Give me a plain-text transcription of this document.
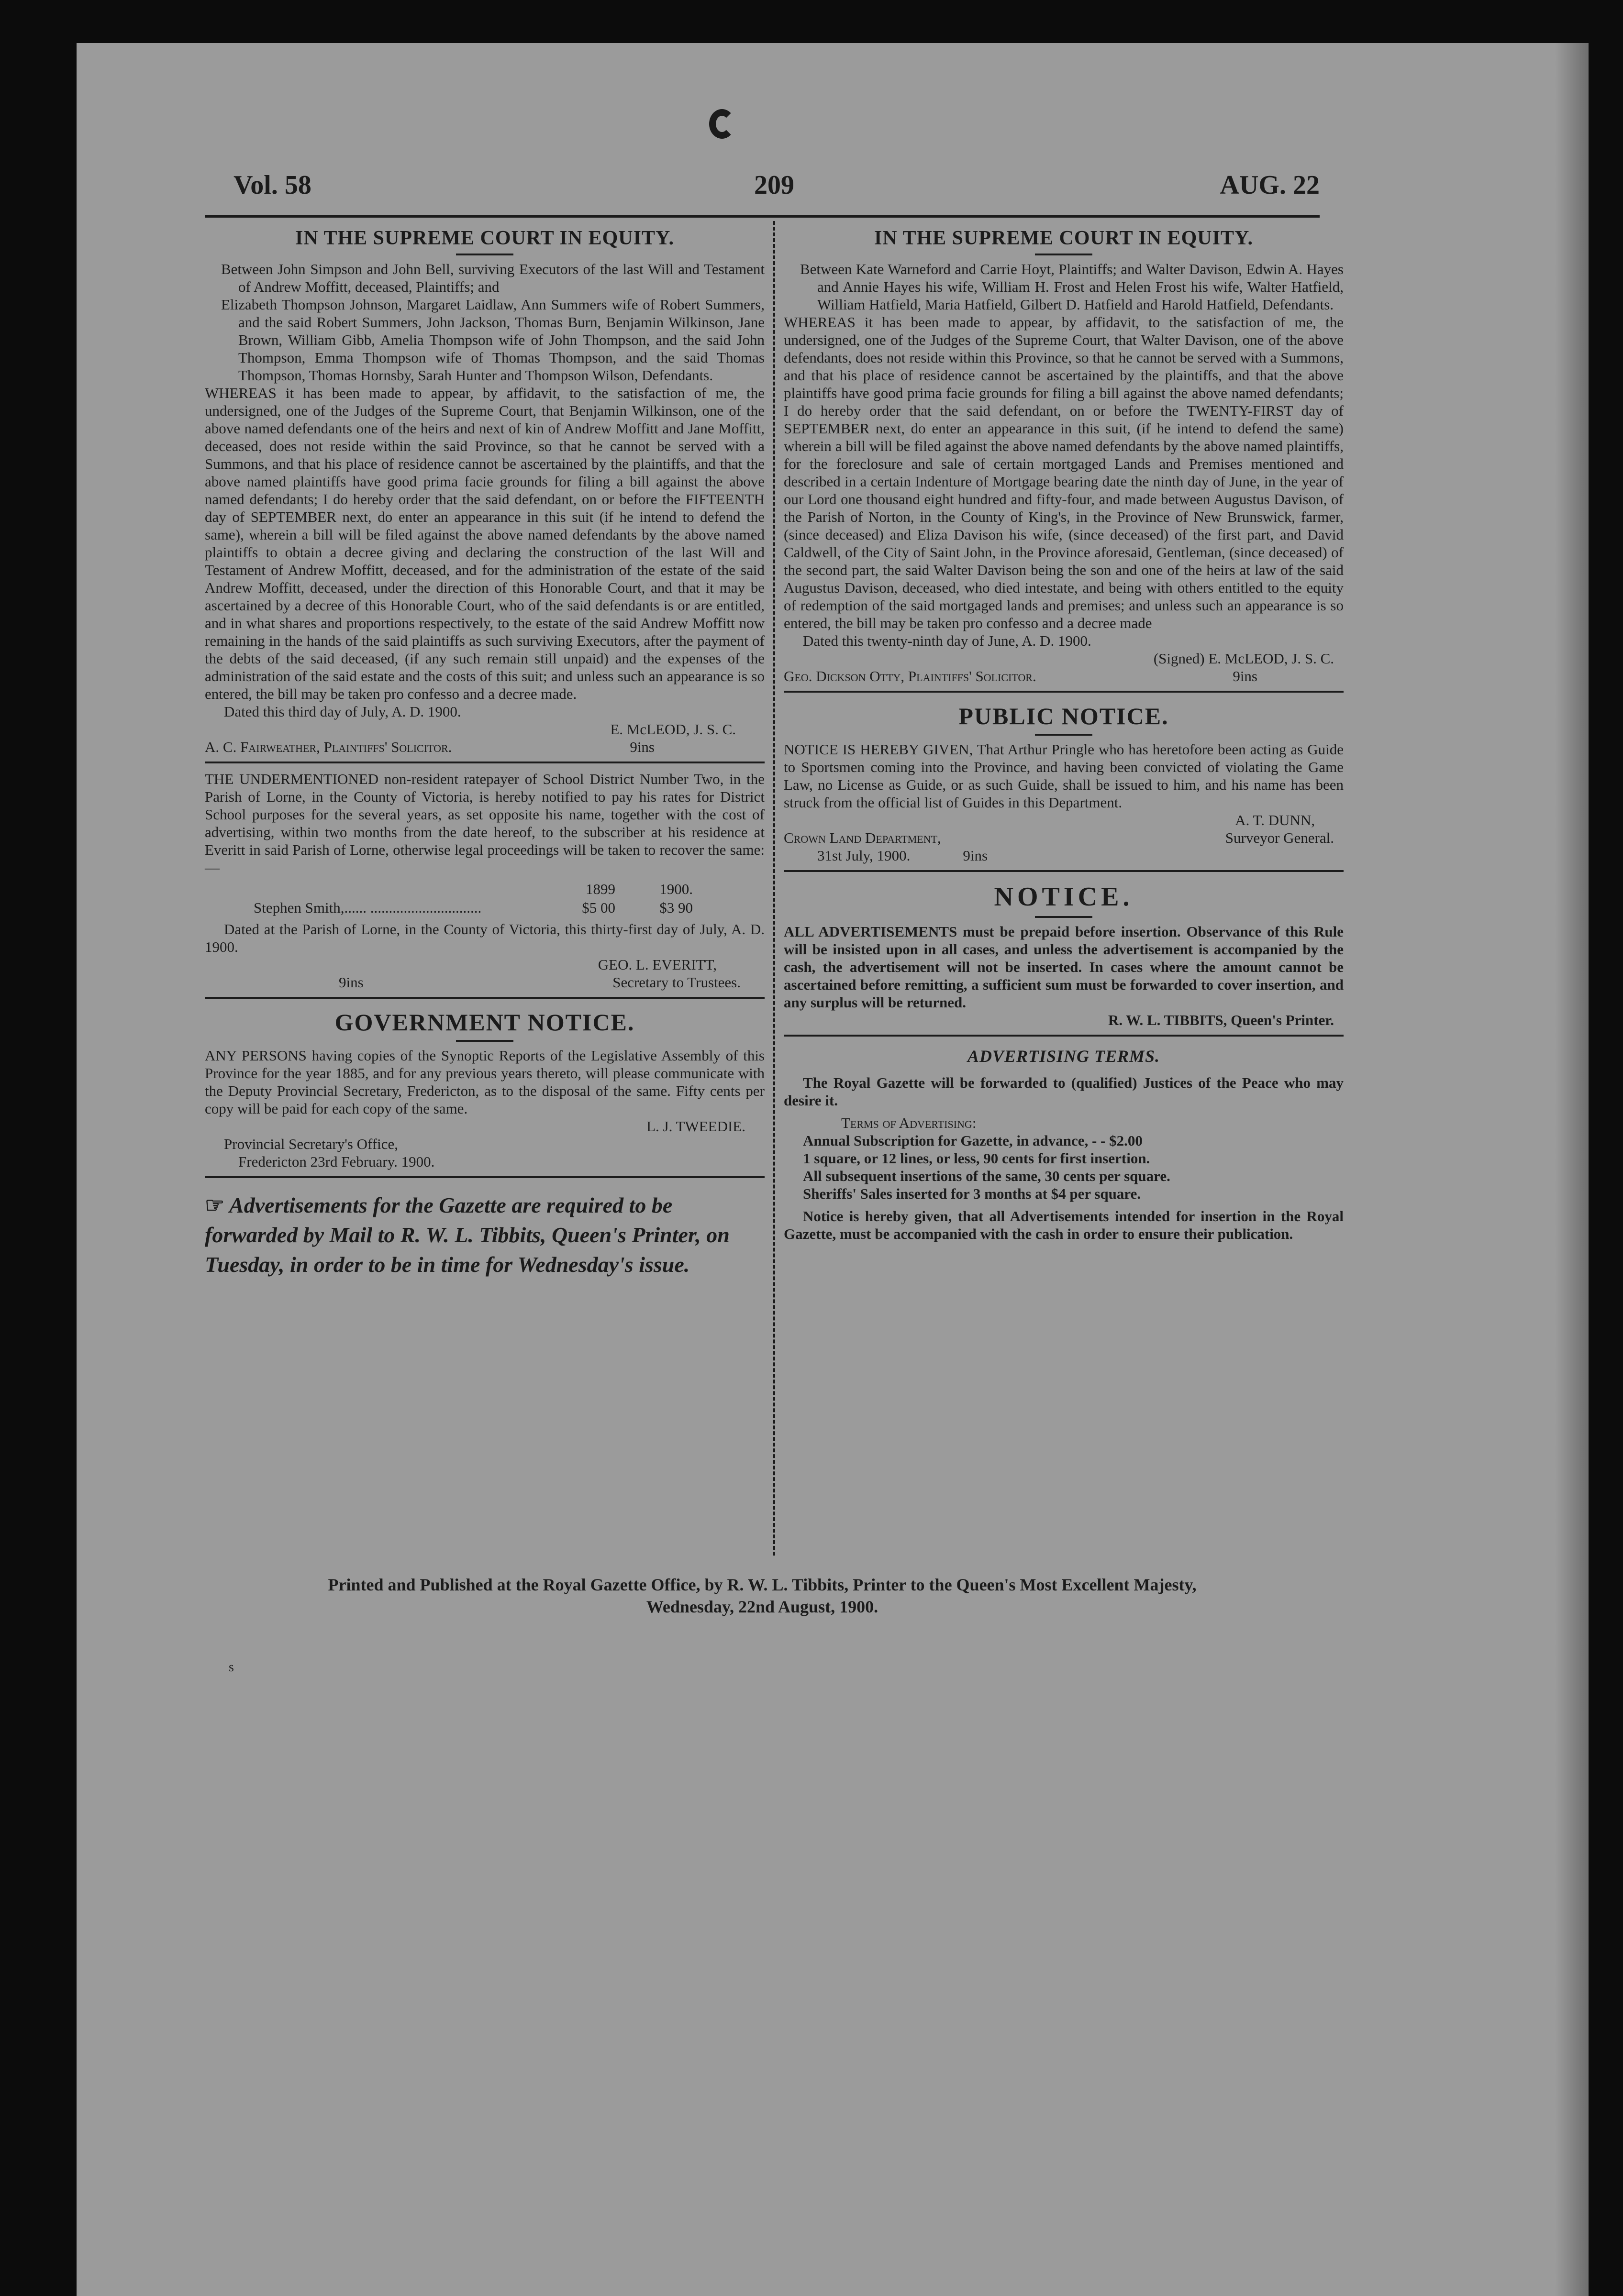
Vol. 58	209	AUG. 22
IN THE SUPREME COURT IN EQUITY.
Between John Simpson and John Bell, surviving Executors of the last Will and Testament of Andrew Moffitt, deceased, Plaintiffs; and
Elizabeth Thompson Johnson, Margaret Laidlaw, Ann Summers wife of Robert Summers, and the said Robert Summers, John Jackson, Thomas Burn, Benjamin Wilkinson, Jane Brown, William Gibb, Amelia Thompson wife of John Thompson, and the said John Thompson, Emma Thompson wife of Thomas Thompson, and the said Thomas Thompson, Thomas Hornsby, Sarah Hunter and Thompson Wilson, Defendants.
WHEREAS it has been made to appear, by affidavit, to the satisfaction of me, the undersigned, one of the Judges of the Supreme Court, that Benjamin Wilkinson, one of the above named defendants one of the heirs and next of kin of Andrew Moffitt and Jane Moffitt, deceased, does not reside within the said Province, so that he cannot be served with a Summons, and that his place of residence cannot be ascertained by the plaintiffs, and that the above named plaintiffs have good prima facie grounds for filing a bill against the above named defendants; I do hereby order that the said defendant, on or before the FIFTEENTH day of SEPTEMBER next, do enter an appearance in this suit (if he intend to defend the same), wherein a bill will be filed against the above named defendants by the above named plaintiffs to obtain a decree giving and declaring the construction of the last Will and Testament of Andrew Moffitt, deceased, and for the administration of the estate of the said Andrew Moffitt, deceased, under the direction of this Honorable Court, and that it may be ascertained by a decree of this Honorable Court, who of the said defendants is or are entitled, and in what shares and proportions respectively, to the estate of the said Andrew Moffitt now remaining in the hands of the said plaintiffs as such surviving Executors, after the payment of the debts of the said deceased, (if any such remain still unpaid) and the expenses of the administration of the said estate and the costs of this suit; and unless such an appearance is so entered, the bill may be taken pro confesso and a decree made.
Dated this third day of July, A. D. 1900.
E. McLEOD, J. S. C.
A. C. Fairweather, Plaintiffs' Solicitor.	9ins
THE UNDERMENTIONED non-resident ratepayer of School District Number Two, in the Parish of Lorne, in the County of Victoria, is hereby notified to pay his rates for District School purposes for the several years, as set opposite his name, together with the cost of advertising, within two months from the date hereof, to the subscriber at his residence at Everitt in said Parish of Lorne, otherwise legal proceedings will be taken to recover the same:—
	1899	1900.	
Stephen Smith,...... ..............................	$5 00	$3 90	
Dated at the Parish of Lorne, in the County of Victoria, this thirty-first day of July, A. D. 1900.
GEO. L. EVERITT,
9ins	Secretary to Trustees.
GOVERNMENT NOTICE.
ANY PERSONS having copies of the Synoptic Reports of the Legislative Assembly of this Province for the year 1885, and for any previous years thereto, will please communicate with the Deputy Provincial Secretary, Fredericton, as to the disposal of the same. Fifty cents per copy will be paid for each copy of the same.
L. J. TWEEDIE.
Provincial Secretary's Office,
Fredericton 23rd February. 1900.
☞ Advertisements for the Gazette are required to be forwarded by Mail to R. W. L. Tibbits, Queen's Printer, on Tuesday, in order to be in time for Wednesday's issue.
IN THE SUPREME COURT IN EQUITY.
Between Kate Warneford and Carrie Hoyt, Plaintiffs; and Walter Davison, Edwin A. Hayes and Annie Hayes his wife, William H. Frost and Helen Frost his wife, Walter Hatfield, William Hatfield, Maria Hatfield, Gilbert D. Hatfield and Harold Hatfield, Defendants.
WHEREAS it has been made to appear, by affidavit, to the satisfaction of me, the undersigned, one of the Judges of the Supreme Court, that Walter Davison, one of the above defendants, does not reside within this Province, so that he cannot be served with a Summons, and that his place of residence cannot be ascertained by the plaintiffs, and that the above plaintiffs have good prima facie grounds for filing a bill against the above named defendants; I do hereby order that the said defendant, on or before the TWENTY-FIRST day of SEPTEMBER next, do enter an appearance in this suit, (if he intend to defend the same) wherein a bill will be filed against the above named defendants by the above named plaintiffs, for the foreclosure and sale of certain mortgaged Lands and Premises mentioned and described in a certain Indenture of Mortgage bearing date the ninth day of June, in the year of our Lord one thousand eight hundred and fifty-four, and made between Augustus Davison, of the Parish of Norton, in the County of King's, in the Province of New Brunswick, farmer, (since deceased) and Eliza Davison his wife, (since deceased) of the first part, and David Caldwell, of the City of Saint John, in the Province aforesaid, Gentleman, (since deceased) of the second part, the said Walter Davison being the son and one of the heirs at law of the said Augustus Davison, deceased, who died intestate, and being with others entitled to the equity of redemption of the said mortgaged lands and premises; and unless such an appearance is so entered, the bill may be taken pro confesso and a decree made
Dated this twenty-ninth day of June, A. D. 1900.
(Signed) E. McLEOD, J. S. C.
Geo. Dickson Otty, Plaintiffs' Solicitor.	9ins
PUBLIC NOTICE.
NOTICE IS HEREBY GIVEN, That Arthur Pringle who has heretofore been acting as Guide to Sportsmen coming into the Province, and having been convicted of violating the Game Law, no License as Guide, or as such Guide, shall be issued to him, and his name has been struck from the official list of Guides in this Department.
A. T. DUNN,
Crown Land Department,	Surveyor General.
31st July, 1900.	9ins
NOTICE.
ALL ADVERTISEMENTS must be prepaid before insertion. Observance of this Rule will be insisted upon in all cases, and unless the advertisement is accompanied by the cash, the advertisement will not be inserted. In cases where the amount cannot be ascertained before remitting, a sufficient sum must be forwarded to cover insertion, and any surplus will be returned.
R. W. L. TIBBITS, Queen's Printer.
ADVERTISING TERMS.
The Royal Gazette will be forwarded to (qualified) Justices of the Peace who may desire it.
Terms of Advertising:
Annual Subscription for Gazette, in advance, - - $2.00
1 square, or 12 lines, or less, 90 cents for first insertion.
All subsequent insertions of the same, 30 cents per square.
Sheriffs' Sales inserted for 3 months at $4 per square.
Notice is hereby given, that all Advertisements intended for insertion in the Royal Gazette, must be accompanied with the cash in order to ensure their publication.
Printed and Published at the Royal Gazette Office, by R. W. L. Tibbits, Printer to the Queen's Most Excellent Majesty,
Wednesday, 22nd August, 1900.
s
